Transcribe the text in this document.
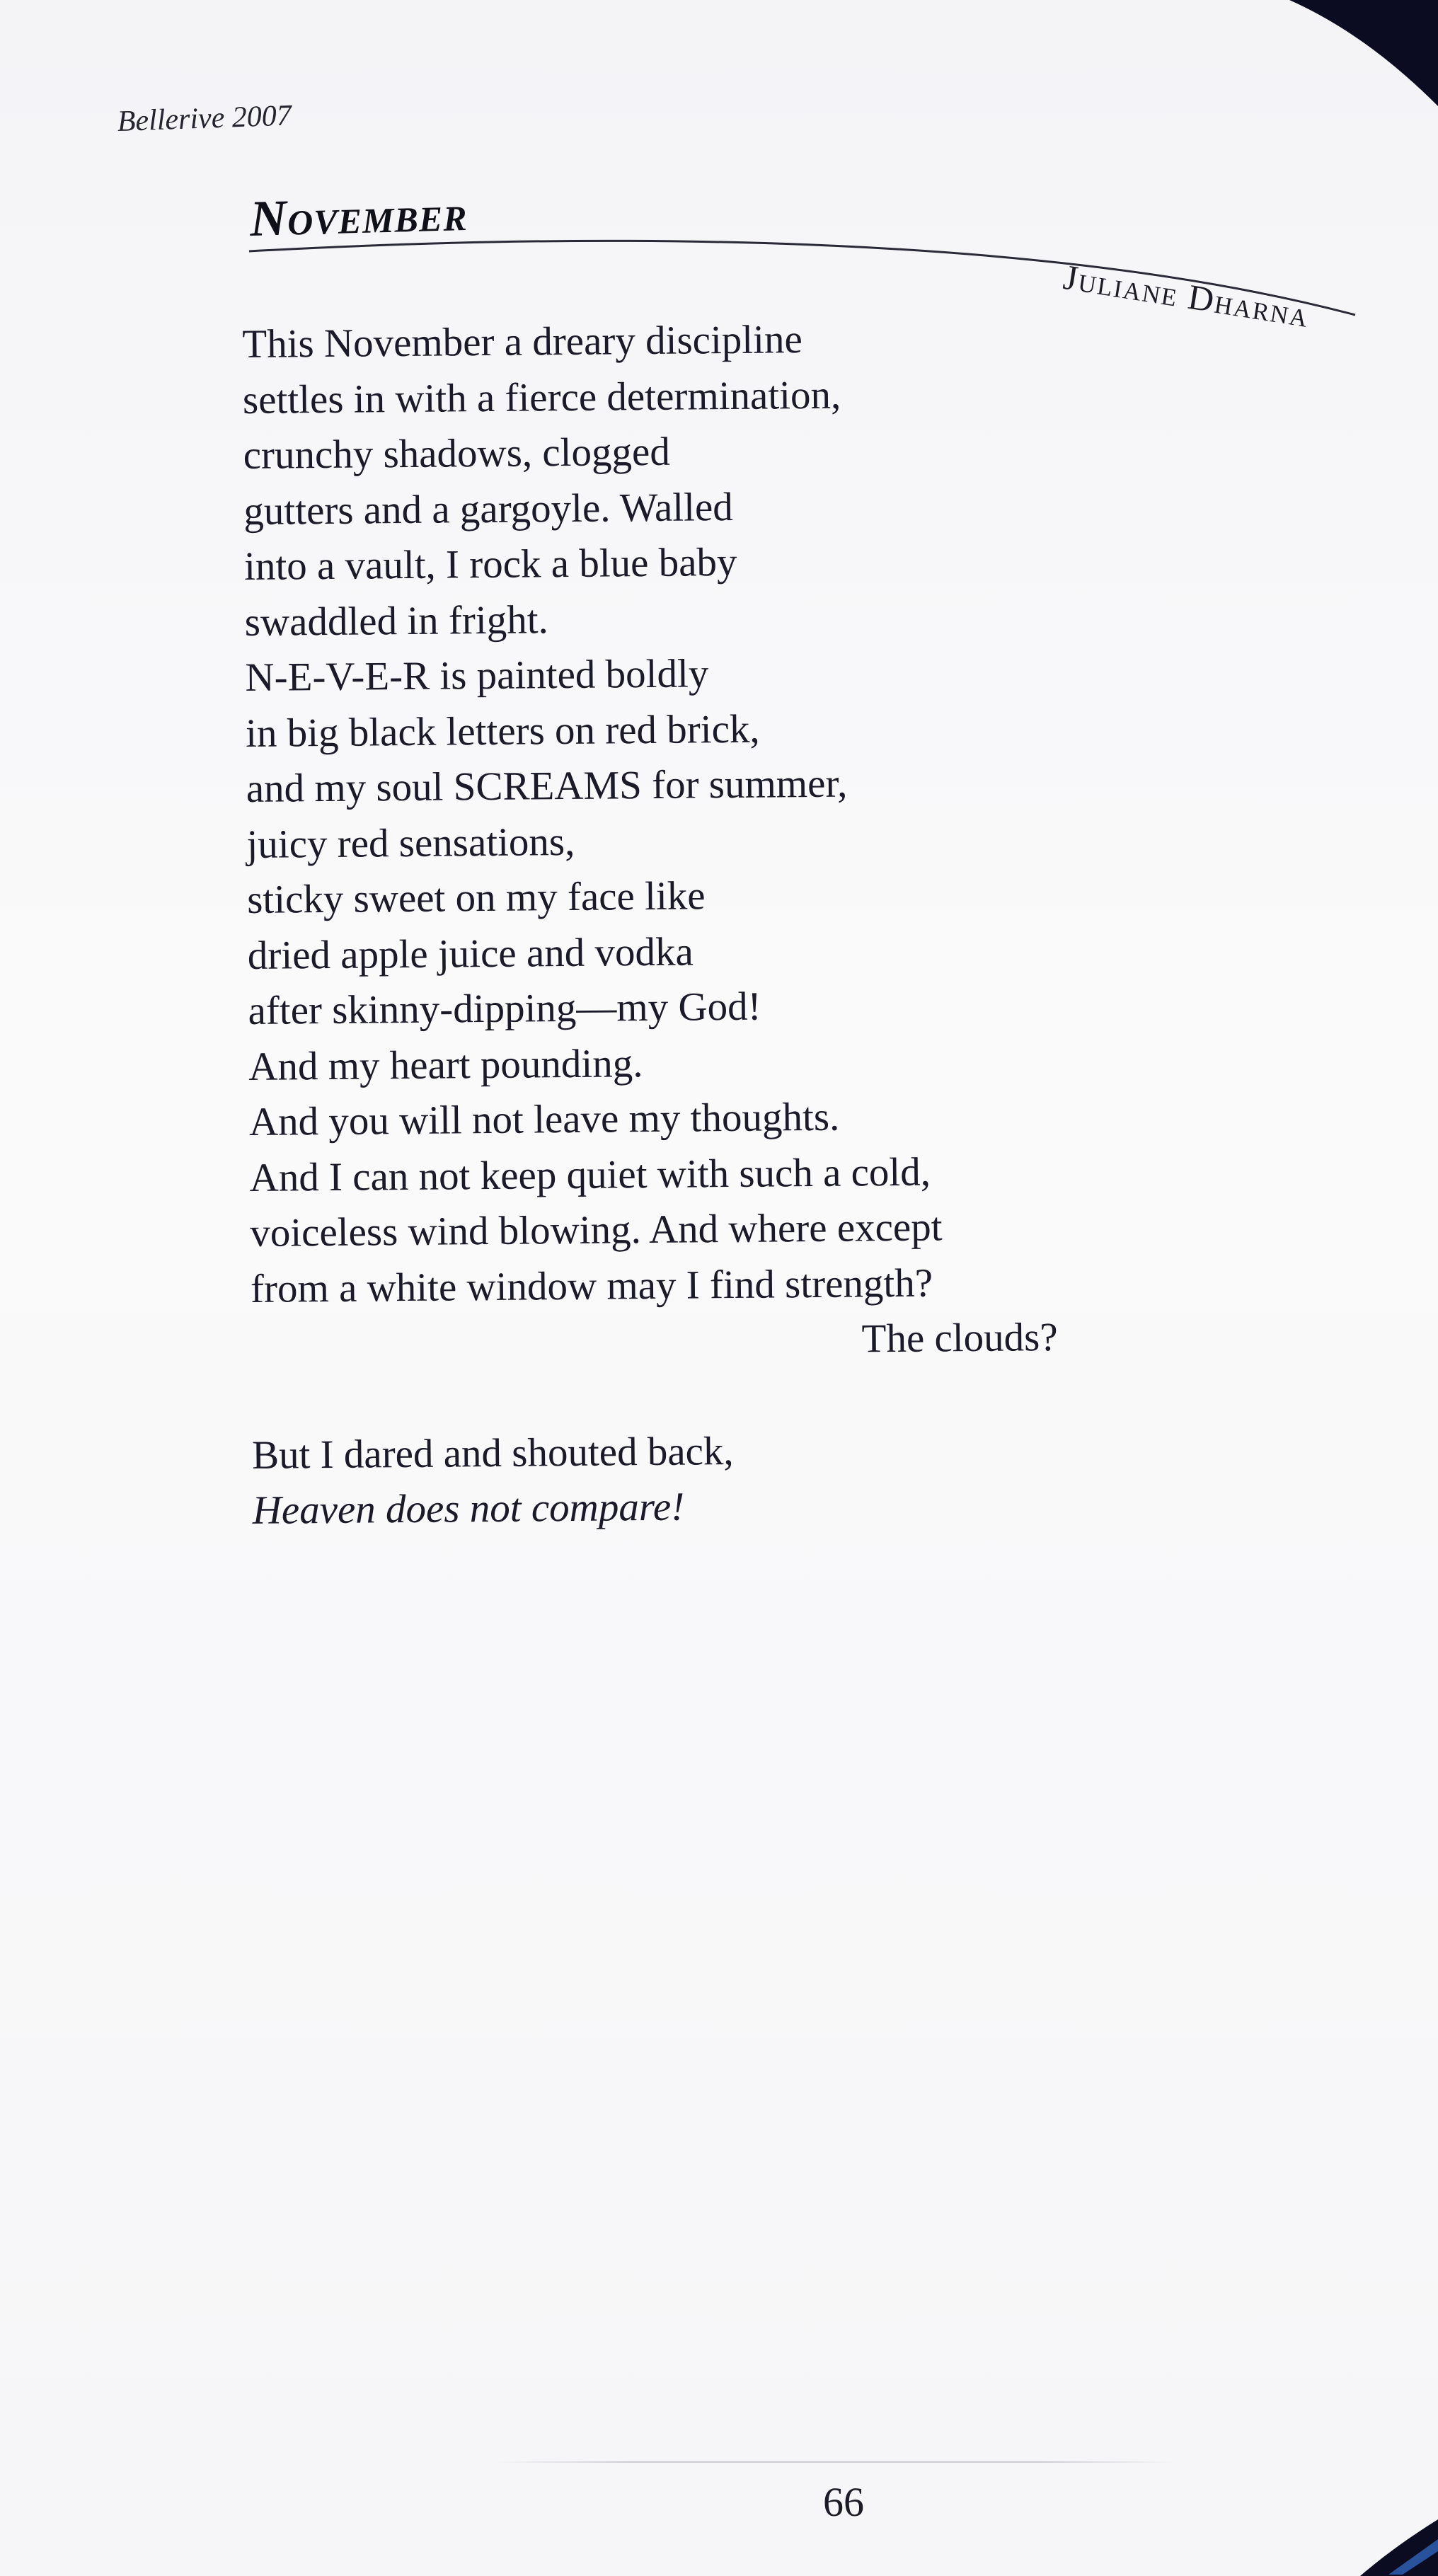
Bellerive 2007
November
Juliane Dharna
This November a dreary discipline
settles in with a fierce determination,
crunchy shadows, clogged
gutters and a gargoyle. Walled
into a vault, I rock a blue baby
swaddled in fright.
N-E-V-E-R is painted boldly
in big black letters on red brick,
and my soul SCREAMS for summer,
juicy red sensations,
sticky sweet on my face like
dried apple juice and vodka
after skinny-dipping—my God!
And my heart pounding.
And you will not leave my thoughts.
And I can not keep quiet with such a cold,
voiceless wind blowing. And where except
from a white window may I find strength?
The clouds?
But I dared and shouted back,
Heaven does not compare!
66
